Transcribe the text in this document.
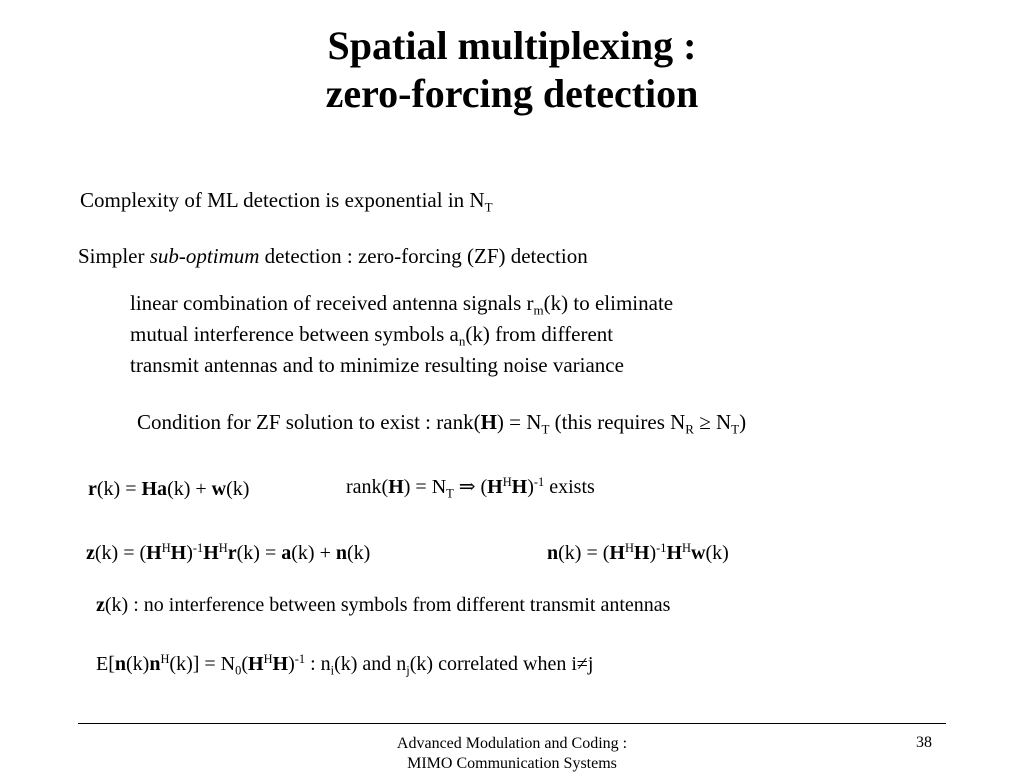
Spatial multiplexing :
zero-forcing detection

Complexity of ML detection is exponential in $N_T$

Simpler sub-optimum detection : zero-forcing (ZF) detection

linear combination of received antenna signals $r_m(k)$ to eliminate
mutual interference between symbols $a_n(k)$ from different
transmit antennas and to minimize resulting noise variance

Condition for ZF solution to exist : rank(H) = $N_T$ (this requires $N_R \ge N_T$)

r(k) = Ha(k) + w(k)	rank(H) = $N_T$ ⇒ $(H^HH)^{-1}$ exists

$z(k) = (H^HH)^{-1}H^Hr(k) = a(k) + n(k)$	$n(k) = (H^HH)^{-1}H^Hw(k)$

z(k) : no interference between symbols from different transmit antennas

$E[n(k)n^H(k)] = N_0(H^HH)^{-1}$ : $n_i(k)$ and $n_j(k)$ correlated when i≠j

Advanced Modulation and Coding :
MIMO Communication Systems
38
